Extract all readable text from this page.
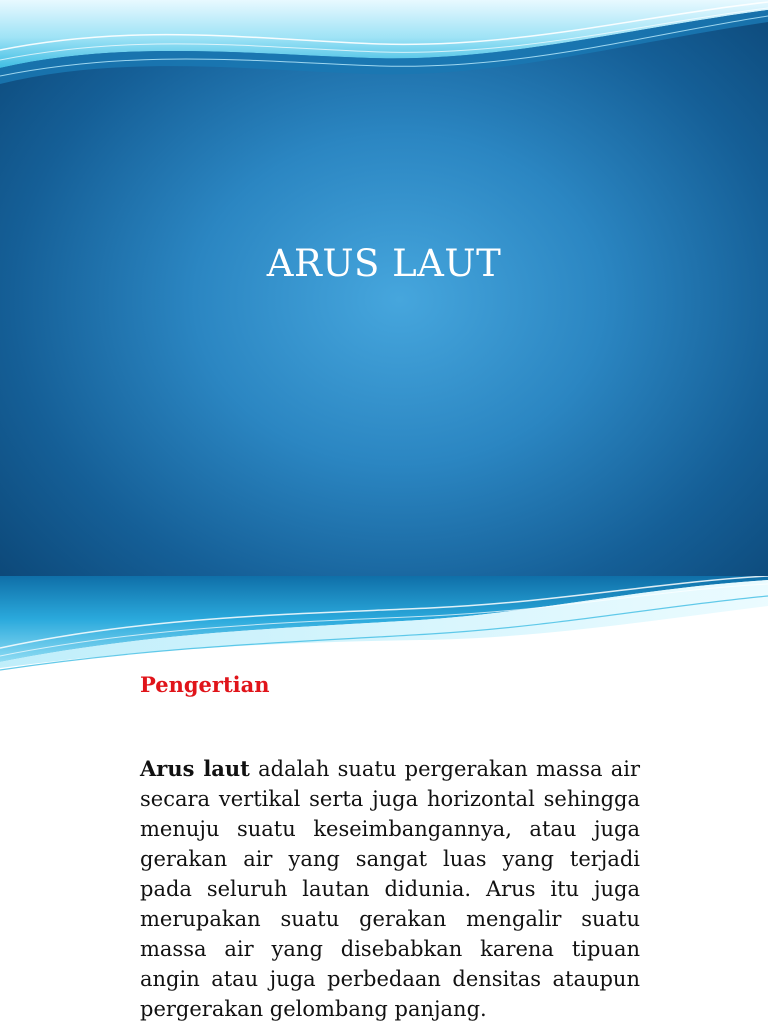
ARUS LAUT
Pengertian

Arus laut adalah suatu pergerakan massa air secara vertikal serta juga horizontal sehingga menuju suatu keseimbangannya, atau juga gerakan air yang sangat luas yang terjadi pada seluruh lautan didunia. Arus itu juga merupakan suatu gerakan mengalir suatu massa air yang disebabkan karena tipuan angin atau juga perbedaan densitas ataupun pergerakan gelombang panjang.
